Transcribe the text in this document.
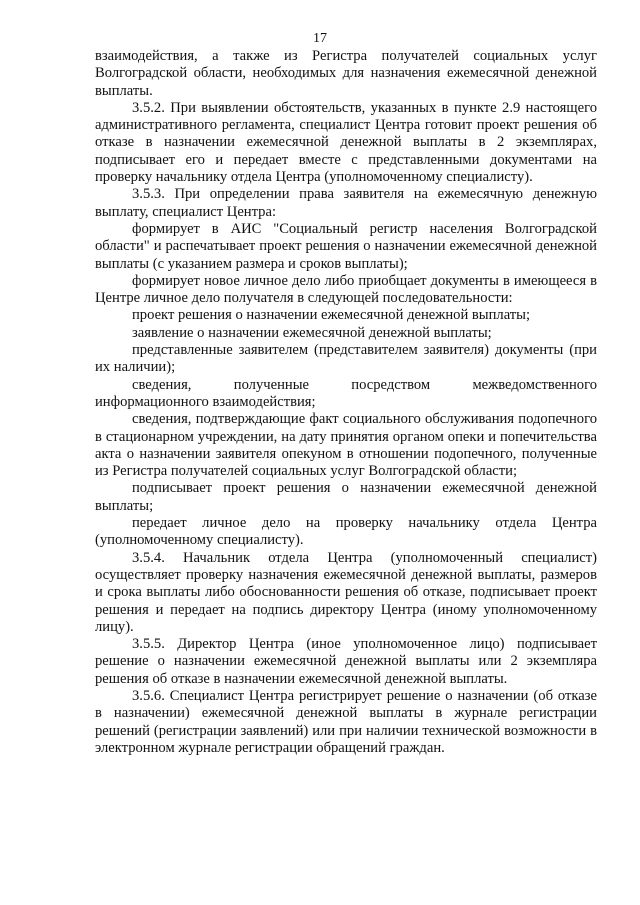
17

взаимодействия, а также из Регистра получателей социальных услуг Волгоградской области, необходимых для назначения ежемесячной денежной выплаты.

3.5.2. При выявлении обстоятельств, указанных в пункте 2.9 настоящего административного регламента, специалист Центра готовит проект решения об отказе в назначении ежемесячной денежной выплаты в 2 экземплярах, подписывает его и передает вместе с представленными документами на проверку начальнику отдела Центра (уполномоченному специалисту).

3.5.3. При определении права заявителя на ежемесячную денежную выплату, специалист Центра:

формирует в АИС "Социальный регистр населения Волгоградской области" и распечатывает проект решения о назначении ежемесячной денежной выплаты (с указанием размера и сроков выплаты);

формирует новое личное дело либо приобщает документы в имеющееся в Центре личное дело получателя в следующей последовательности:

проект решения о назначении ежемесячной денежной выплаты;

заявление о назначении ежемесячной денежной выплаты;

представленные заявителем (представителем заявителя) документы (при их наличии);

сведения, полученные посредством межведомственного информационного взаимодействия;

сведения, подтверждающие факт социального обслуживания подопечного в стационарном учреждении, на дату принятия органом опеки и попечительства акта о назначении заявителя опекуном в отношении подопечного, полученные из Регистра получателей социальных услуг Волгоградской области;

подписывает проект решения о назначении ежемесячной денежной выплаты;

передает личное дело на проверку начальнику отдела Центра (уполномоченному специалисту).

3.5.4. Начальник отдела Центра (уполномоченный специалист) осуществляет проверку назначения ежемесячной денежной выплаты, размеров и срока выплаты либо обоснованности решения об отказе, подписывает проект решения и передает на подпись директору Центра (иному уполномоченному лицу).

3.5.5. Директор Центра (иное уполномоченное лицо) подписывает решение о назначении ежемесячной денежной выплаты или 2 экземпляра решения об отказе в назначении ежемесячной денежной выплаты.

3.5.6. Специалист Центра регистрирует решение о назначении (об отказе в назначении) ежемесячной денежной выплаты в журнале регистрации решений (регистрации заявлений) или при наличии технической возможности в электронном журнале регистрации обращений граждан.
